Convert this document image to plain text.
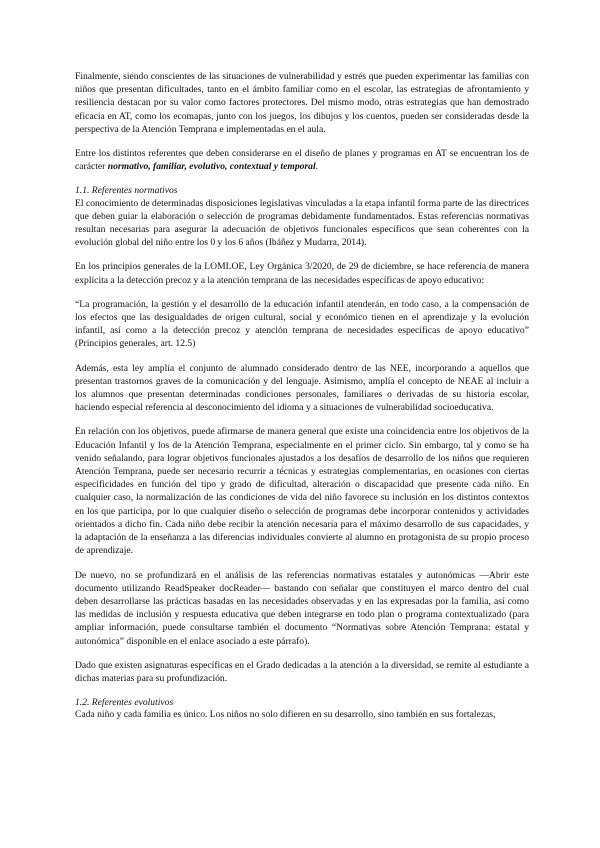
Finalmente, siendo conscientes de las situaciones de vulnerabilidad y estrés que pueden experimentar las familias con niños que presentan dificultades, tanto en el ámbito familiar como en el escolar, las estrategias de afrontamiento y resiliencia destacan por su valor como factores protectores. Del mismo modo, otras estrategias que han demostrado eficacia en AT, como los ecomapas, junto con los juegos, los dibujos y los cuentos, pueden ser consideradas desde la perspectiva de la Atención Temprana e implementadas en el aula.

Entre los distintos referentes que deben considerarse en el diseño de planes y programas en AT se encuentran los de carácter normativo, familiar, evolutivo, contextual y temporal.

1.1. Referentes normativos

El conocimiento de determinadas disposiciones legislativas vinculadas a la etapa infantil forma parte de las directrices que deben guiar la elaboración o selección de programas debidamente fundamentados. Estas referencias normativas resultan necesarias para asegurar la adecuación de objetivos funcionales específicos que sean coherentes con la evolución global del niño entre los 0 y los 6 años (Ibáñez y Mudarra, 2014).

En los principios generales de la LOMLOE, Ley Orgánica 3/2020, de 29 de diciembre, se hace referencia de manera explícita a la detección precoz y a la atención temprana de las necesidades específicas de apoyo educativo:

“La programación, la gestión y el desarrollo de la educación infantil atenderán, en todo caso, a la compensación de los efectos que las desigualdades de origen cultural, social y económico tienen en el aprendizaje y la evolución infantil, así como a la detección precoz y atención temprana de necesidades específicas de apoyo educativo” (Principios generales, art. 12.5)

Además, esta ley amplía el conjunto de alumnado considerado dentro de las NEE, incorporando a aquellos que presentan trastornos graves de la comunicación y del lenguaje. Asimismo, amplía el concepto de NEAE al incluir a los alumnos que presentan determinadas condiciones personales, familiares o derivadas de su historia escolar, haciendo especial referencia al desconocimiento del idioma y a situaciones de vulnerabilidad socioeducativa.

En relación con los objetivos, puede afirmarse de manera general que existe una coincidencia entre los objetivos de la Educación Infantil y los de la Atención Temprana, especialmente en el primer ciclo. Sin embargo, tal y como se ha venido señalando, para lograr objetivos funcionales ajustados a los desafíos de desarrollo de los niños que requieren Atención Temprana, puede ser necesario recurrir a técnicas y estrategias complementarias, en ocasiones con ciertas especificidades en función del tipo y grado de dificultad, alteración o discapacidad que presente cada niño. En cualquier caso, la normalización de las condiciones de vida del niño favorece su inclusión en los distintos contextos en los que participa, por lo que cualquier diseño o selección de programas debe incorporar contenidos y actividades orientados a dicho fin. Cada niño debe recibir la atención necesaria para el máximo desarrollo de sus capacidades, y la adaptación de la enseñanza a las diferencias individuales convierte al alumno en protagonista de su propio proceso de aprendizaje.

De nuevo, no se profundizará en el análisis de las referencias normativas estatales y autonómicas —Abrir este documento utilizando ReadSpeaker docReader— bastando con señalar que constituyen el marco dentro del cual deben desarrollarse las prácticas basadas en las necesidades observadas y en las expresadas por la familia, así como las medidas de inclusión y respuesta educativa que deben integrarse en todo plan o programa contextualizado (para ampliar información, puede consultarse también el documento “Normativas sobre Atención Temprana: estatal y autonómica” disponible en el enlace asociado a este párrafo).

Dado que existen asignaturas específicas en el Grado dedicadas a la atención a la diversidad, se remite al estudiante a dichas materias para su profundización.

1.2. Referentes evolutivos

Cada niño y cada familia es único. Los niños no solo difieren en su desarrollo, sino también en sus fortalezas,
